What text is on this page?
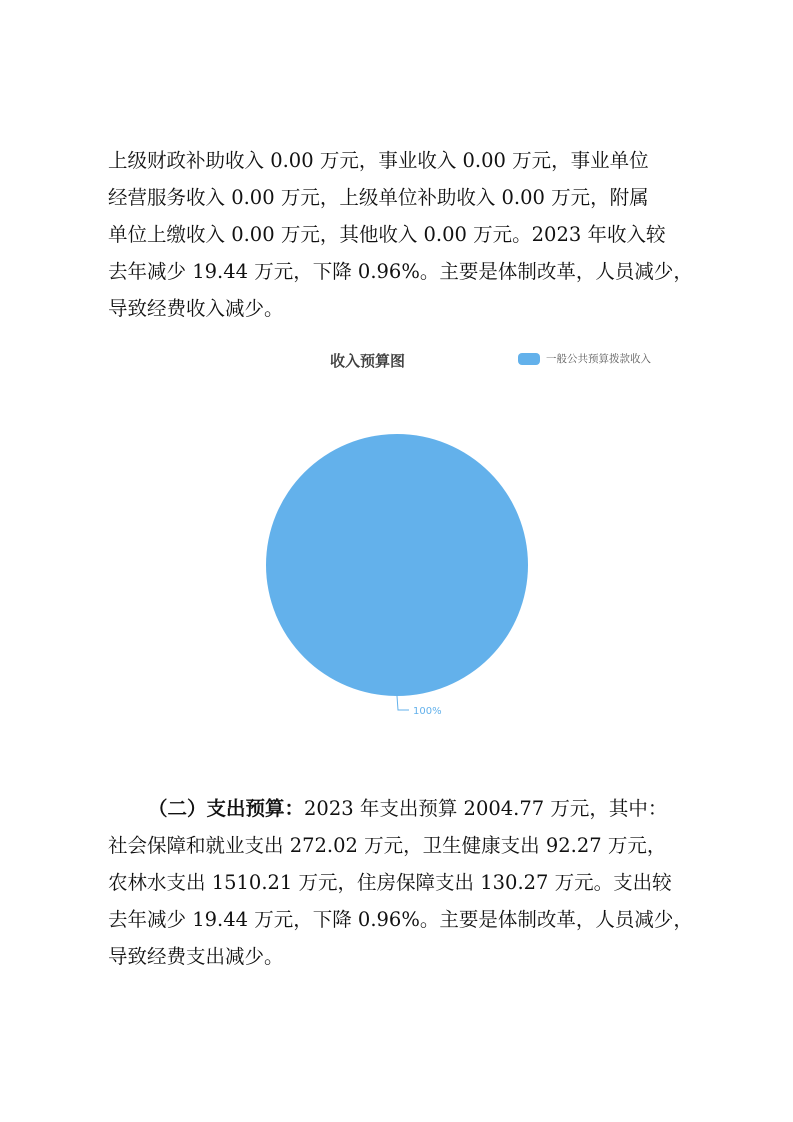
上级财政补助收入 0.00 万元，事业收入 0.00 万元，事业单位
经营服务收入 0.00 万元，上级单位补助收入 0.00 万元，附属
单位上缴收入 0.00 万元，其他收入 0.00 万元。2023 年收入较
去年减少 19.44 万元，下降 0.96%。主要是体制改革，人员减少，
导致经费收入减少。
收入预算图	一般公共预算拨款收入
100%
（二）支出预算：2023 年支出预算 2004.77 万元，其中：
社会保障和就业支出 272.02 万元，卫生健康支出 92.27 万元，
农林水支出 1510.21 万元，住房保障支出 130.27 万元。支出较
去年减少 19.44 万元，下降 0.96%。主要是体制改革，人员减少，
导致经费支出减少。
